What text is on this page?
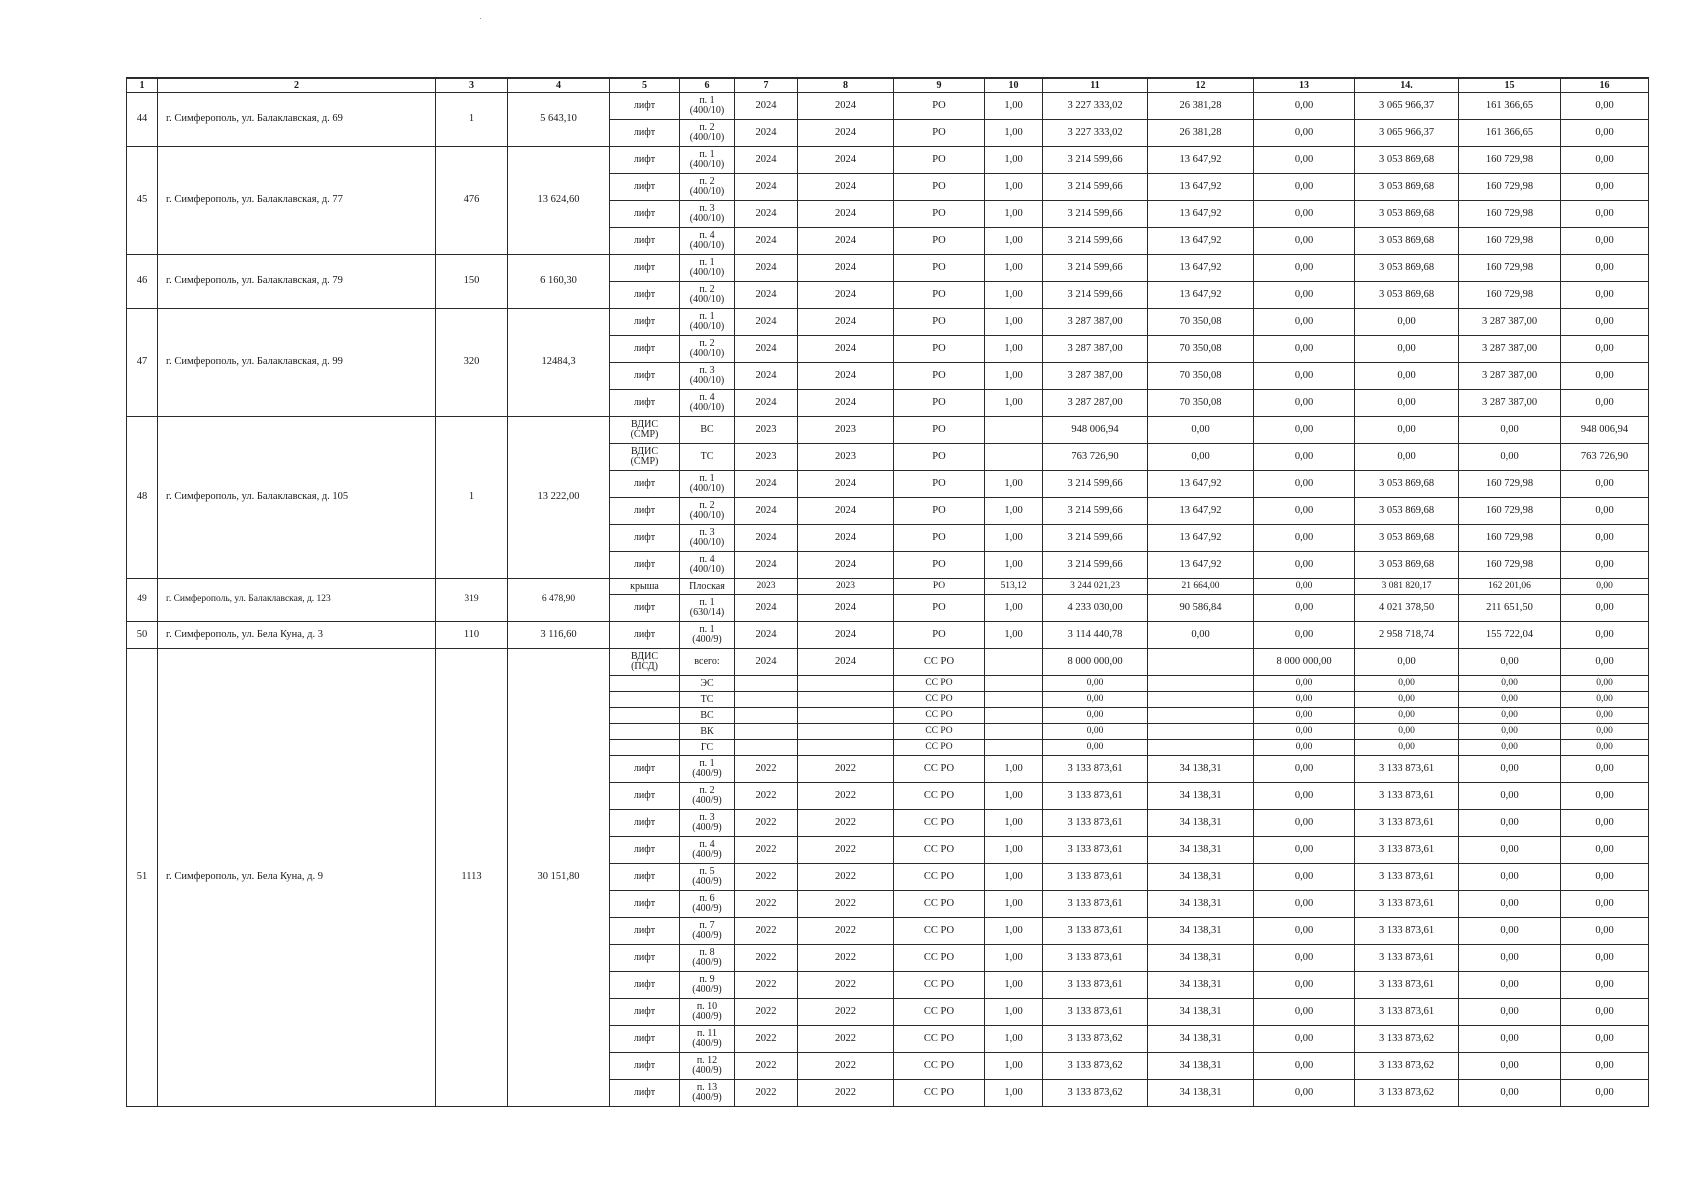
1	2	3	4	5	6	7	8	9	10	11	12	13	14.	15	16
44	г. Симферополь, ул. Балаклавская, д. 69	1	5 643,10	лифт	п. 1
(400/10)	2024	2024	РО	1,00	3 227 333,02	26 381,28	0,00	3 065 966,37	161 366,65	0,00
				лифт	п. 2
(400/10)	2024	2024	РО	1,00	3 227 333,02	26 381,28	0,00	3 065 966,37	161 366,65	0,00
45	г. Симферополь, ул. Балаклавская, д. 77	476	13 624,60	лифт	п. 1
(400/10)	2024	2024	РО	1,00	3 214 599,66	13 647,92	0,00	3 053 869,68	160 729,98	0,00
				лифт	п. 2
(400/10)	2024	2024	РО	1,00	3 214 599,66	13 647,92	0,00	3 053 869,68	160 729,98	0,00
				лифт	п. 3
(400/10)	2024	2024	РО	1,00	3 214 599,66	13 647,92	0,00	3 053 869,68	160 729,98	0,00
				лифт	п. 4
(400/10)	2024	2024	РО	1,00	3 214 599,66	13 647,92	0,00	3 053 869,68	160 729,98	0,00
46	г. Симферополь, ул. Балаклавская, д. 79	150	6 160,30	лифт	п. 1
(400/10)	2024	2024	РО	1,00	3 214 599,66	13 647,92	0,00	3 053 869,68	160 729,98	0,00
				лифт	п. 2
(400/10)	2024	2024	РО	1,00	3 214 599,66	13 647,92	0,00	3 053 869,68	160 729,98	0,00
47	г. Симферополь, ул. Балаклавская, д. 99	320	12484,3	лифт	п. 1
(400/10)	2024	2024	РО	1,00	3 287 387,00	70 350,08	0,00	0,00	3 287 387,00	0,00
				лифт	п. 2
(400/10)	2024	2024	РО	1,00	3 287 387,00	70 350,08	0,00	0,00	3 287 387,00	0,00
				лифт	п. 3
(400/10)	2024	2024	РО	1,00	3 287 387,00	70 350,08	0,00	0,00	3 287 387,00	0,00
				лифт	п. 4
(400/10)	2024	2024	РО	1,00	3 287 287,00	70 350,08	0,00	0,00	3 287 387,00	0,00
48	г. Симферополь, ул. Балаклавская, д. 105	1	13 222,00	ВДИС
(СМР)	ВС	2023	2023	РО		948 006,94	0,00	0,00	0,00	0,00	948 006,94
				ВДИС
(СМР)	ТС	2023	2023	РО		763 726,90	0,00	0,00	0,00	0,00	763 726,90
				лифт	п. 1
(400/10)	2024	2024	РО	1,00	3 214 599,66	13 647,92	0,00	3 053 869,68	160 729,98	0,00
				лифт	п. 2
(400/10)	2024	2024	РО	1,00	3 214 599,66	13 647,92	0,00	3 053 869,68	160 729,98	0,00
				лифт	п. 3
(400/10)	2024	2024	РО	1,00	3 214 599,66	13 647,92	0,00	3 053 869,68	160 729,98	0,00
				лифт	п. 4
(400/10)	2024	2024	РО	1,00	3 214 599,66	13 647,92	0,00	3 053 869,68	160 729,98	0,00
49	г. Симферополь, ул. Балаклавская, д. 123	319	6 478,90	крыша	Плоская	2023	2023	РО	513,12	3 244 021,23	21 664,00	0,00	3 081 820,17	162 201,06	0,00
				лифт	п. 1
(630/14)	2024	2024	РО	1,00	4 233 030,00	90 586,84	0,00	4 021 378,50	211 651,50	0,00
50	г. Симферополь, ул. Бела Куна, д. 3	110	3 116,60	лифт	п. 1
(400/9)	2024	2024	РО	1,00	3 114 440,78	0,00	0,00	2 958 718,74	155 722,04	0,00
51	г. Симферополь, ул. Бела Куна, д. 9	1113	30 151,80	ВДИС
(ПСД)	всего:	2024	2024	СС РО		8 000 000,00		8 000 000,00	0,00	0,00	0,00
					ЭС			СС РО		0,00		0,00	0,00	0,00	0,00
					ТС			СС РО		0,00		0,00	0,00	0,00	0,00
					ВС			СС РО		0,00		0,00	0,00	0,00	0,00
					ВК			СС РО		0,00		0,00	0,00	0,00	0,00
					ГС			СС РО		0,00		0,00	0,00	0,00	0,00
				лифт	п. 1
(400/9)	2022	2022	СС РО	1,00	3 133 873,61	34 138,31	0,00	3 133 873,61	0,00	0,00
				лифт	п. 2
(400/9)	2022	2022	СС РО	1,00	3 133 873,61	34 138,31	0,00	3 133 873,61	0,00	0,00
				лифт	п. 3
(400/9)	2022	2022	СС РО	1,00	3 133 873,61	34 138,31	0,00	3 133 873,61	0,00	0,00
				лифт	п. 4
(400/9)	2022	2022	СС РО	1,00	3 133 873,61	34 138,31	0,00	3 133 873,61	0,00	0,00
				лифт	п. 5
(400/9)	2022	2022	СС РО	1,00	3 133 873,61	34 138,31	0,00	3 133 873,61	0,00	0,00
				лифт	п. 6
(400/9)	2022	2022	СС РО	1,00	3 133 873,61	34 138,31	0,00	3 133 873,61	0,00	0,00
				лифт	п. 7
(400/9)	2022	2022	СС РО	1,00	3 133 873,61	34 138,31	0,00	3 133 873,61	0,00	0,00
				лифт	п. 8
(400/9)	2022	2022	СС РО	1,00	3 133 873,61	34 138,31	0,00	3 133 873,61	0,00	0,00
				лифт	п. 9
(400/9)	2022	2022	СС РО	1,00	3 133 873,61	34 138,31	0,00	3 133 873,61	0,00	0,00
				лифт	п. 10
(400/9)	2022	2022	СС РО	1,00	3 133 873,61	34 138,31	0,00	3 133 873,61	0,00	0,00
				лифт	п. 11
(400/9)	2022	2022	СС РО	1,00	3 133 873,62	34 138,31	0,00	3 133 873,62	0,00	0,00
				лифт	п. 12
(400/9)	2022	2022	СС РО	1,00	3 133 873,62	34 138,31	0,00	3 133 873,62	0,00	0,00
				лифт	п. 13
(400/9)	2022	2022	СС РО	1,00	3 133 873,62	34 138,31	0,00	3 133 873,62	0,00	0,00
